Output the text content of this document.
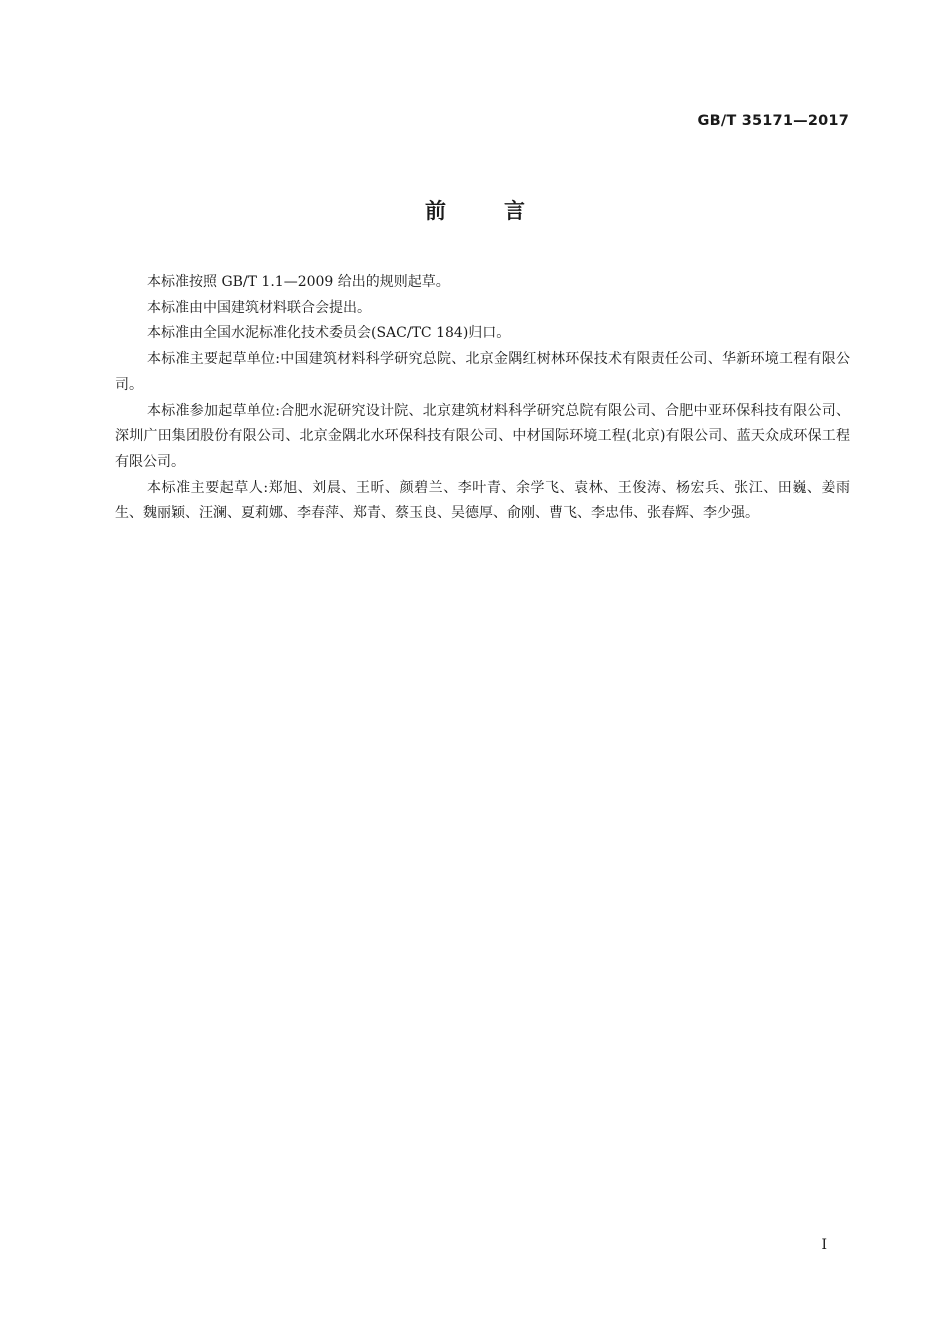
GB/T 35171—2017
前言

本标准按照 GB/T 1.1—2009 给出的规则起草。

本标准由中国建筑材料联合会提出。

本标准由全国水泥标准化技术委员会(SAC/TC 184)归口。

本标准主要起草单位:中国建筑材料科学研究总院、北京金隅红树林环保技术有限责任公司、华新环境工程有限公司。

本标准参加起草单位:合肥水泥研究设计院、北京建筑材料科学研究总院有限公司、合肥中亚环保科技有限公司、深圳广田集团股份有限公司、北京金隅北水环保科技有限公司、中材国际环境工程(北京)有限公司、蓝天众成环保工程有限公司。

本标准主要起草人:郑旭、刘晨、王昕、颜碧兰、李叶青、余学飞、袁林、王俊涛、杨宏兵、张江、田巍、姜雨生、魏丽颖、汪澜、夏莉娜、李春萍、郑青、蔡玉良、吴德厚、俞刚、曹飞、李忠伟、张春辉、李少强。

I
